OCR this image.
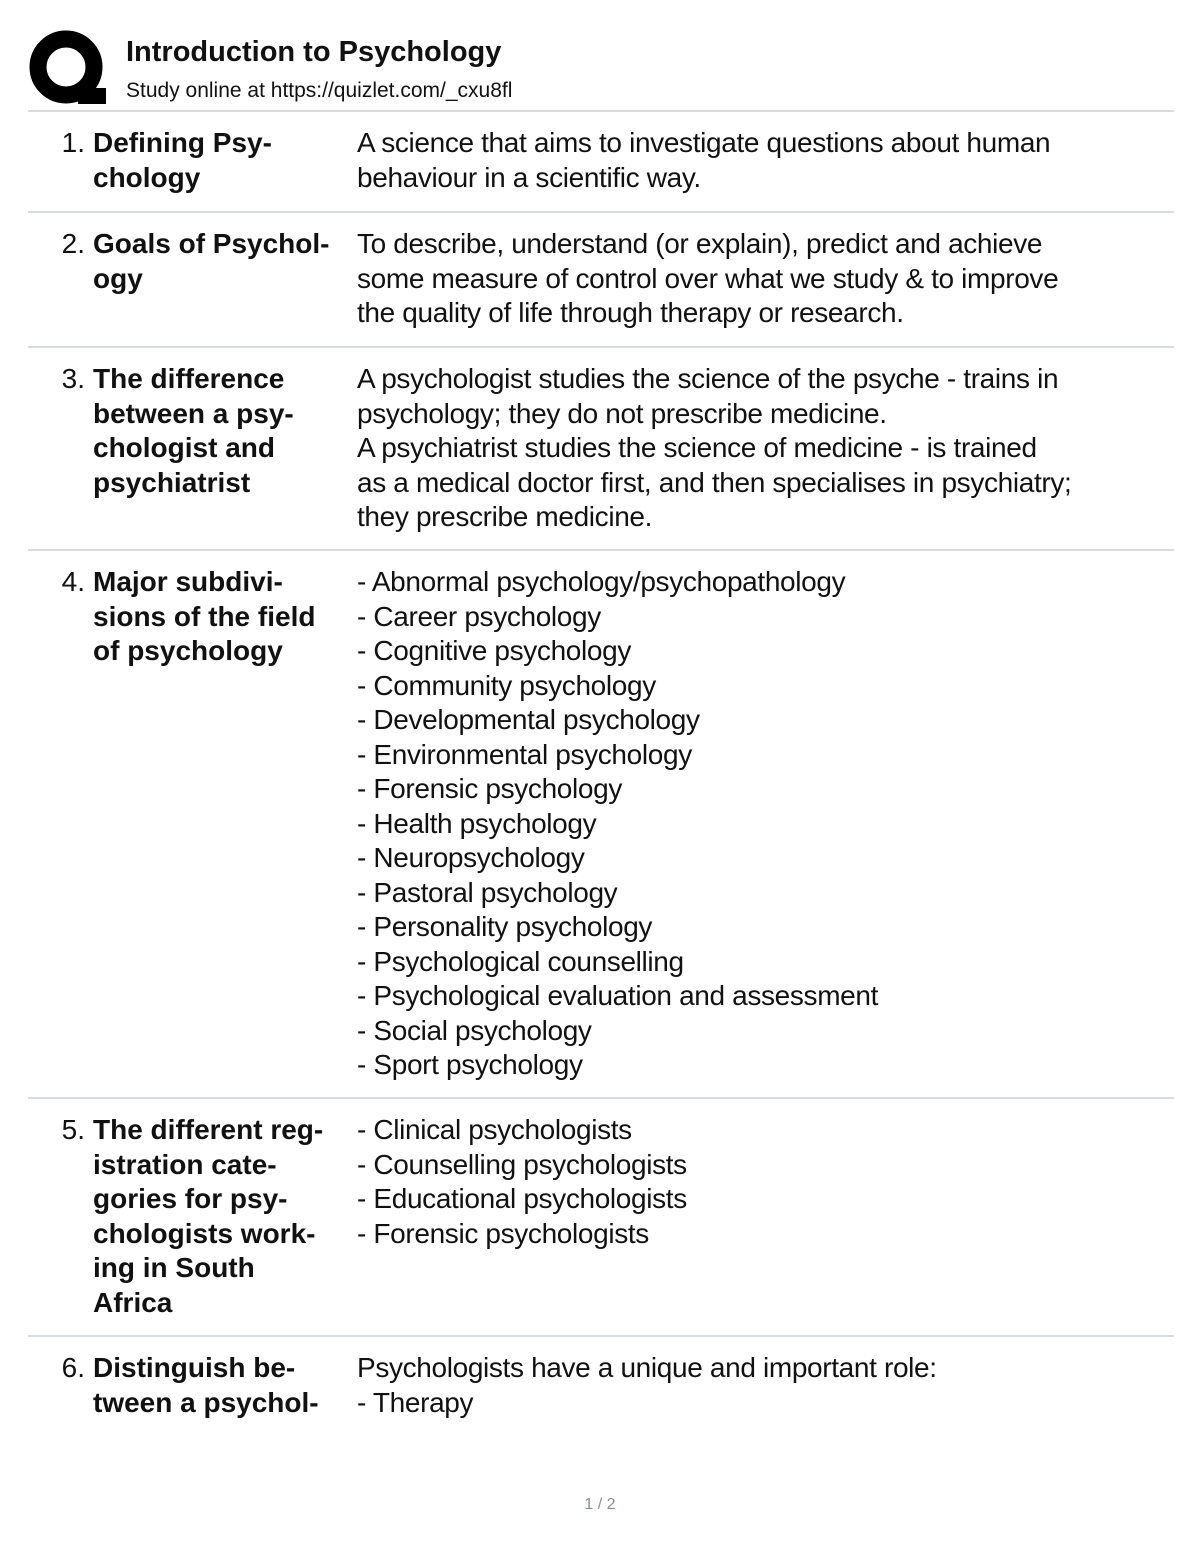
Introduction to Psychology
Study online at https://quizlet.com/_cxu8fl
1. Defining Psy-
chology
A science that aims to investigate questions about human
behaviour in a scientific way.
2. Goals of Psychol-
ogy
To describe, understand (or explain), predict and achieve
some measure of control over what we study & to improve
the quality of life through therapy or research.
3. The difference
between a psy-
chologist and
psychiatrist
A psychologist studies the science of the psyche - trains in
psychology; they do not prescribe medicine.
A psychiatrist studies the science of medicine - is trained
as a medical doctor first, and then specialises in psychiatry;
they prescribe medicine.
4. Major subdivi-
sions of the field
of psychology
- Abnormal psychology/psychopathology
- Career psychology
- Cognitive psychology
- Community psychology
- Developmental psychology
- Environmental psychology
- Forensic psychology
- Health psychology
- Neuropsychology
- Pastoral psychology
- Personality psychology
- Psychological counselling
- Psychological evaluation and assessment
- Social psychology
- Sport psychology
5. The different reg-
istration cate-
gories for psy-
chologists work-
ing in South
Africa
- Clinical psychologists
- Counselling psychologists
- Educational psychologists
- Forensic psychologists
6. Distinguish be-
tween a psychol-
Psychologists have a unique and important role:
- Therapy
1 / 2
